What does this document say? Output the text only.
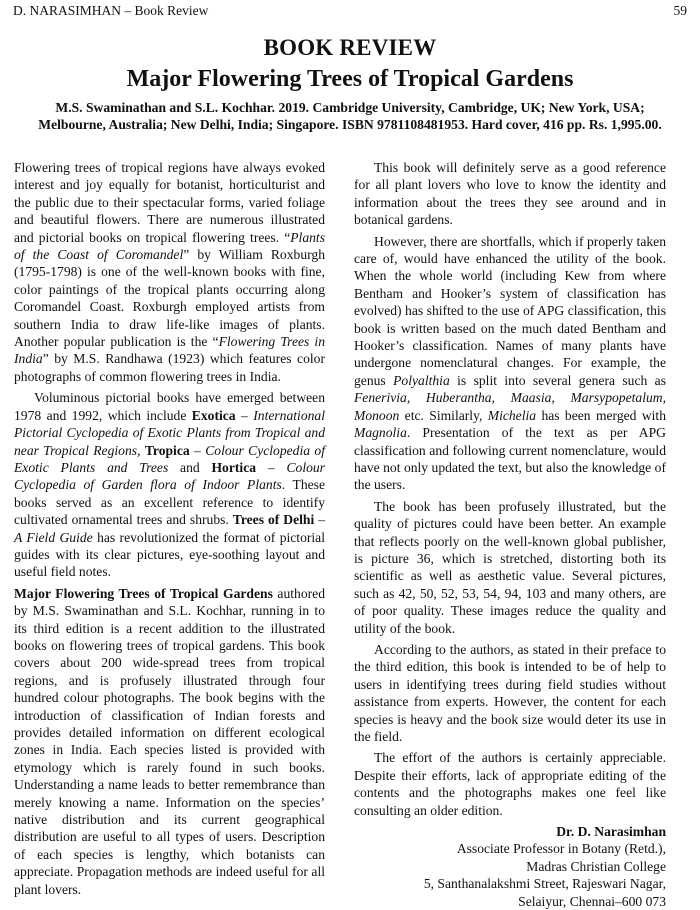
D. NARASIMHAN – Book Review	59
BOOK REVIEW
Major Flowering Trees of Tropical Gardens
M.S. Swaminathan and S.L. Kochhar. 2019. Cambridge University, Cambridge, UK; New York, USA; Melbourne, Australia; New Delhi, India; Singapore. ISBN 9781108481953. Hard cover, 416 pp. Rs. 1,995.00.

Flowering trees of tropical regions have always evoked interest and joy equally for botanist, horticulturist and the public due to their spectacular forms, varied foliage and beautiful flowers. There are numerous illustrated and pictorial books on tropical flowering trees. “Plants of the Coast of Coromandel” by William Roxburgh (1795-1798) is one of the well-known books with fine, color paintings of the tropical plants occurring along Coromandel Coast. Roxburgh employed artists from southern India to draw life-like images of plants. Another popular publication is the “Flowering Trees in India” by M.S. Randhawa (1923) which features color photographs of common flowering trees in India.

Voluminous pictorial books have emerged between 1978 and 1992, which include Exotica – International Pictorial Cyclopedia of Exotic Plants from Tropical and near Tropical Regions, Tropica – Colour Cyclopedia of Exotic Plants and Trees and Hortica – Colour Cyclopedia of Garden flora of Indoor Plants. These books served as an excellent reference to identify cultivated ornamental trees and shrubs. Trees of Delhi – A Field Guide has revolutionized the format of pictorial guides with its clear pictures, eye-soothing layout and useful field notes.

Major Flowering Trees of Tropical Gardens authored by M.S. Swaminathan and S.L. Kochhar, running in to its third edition is a recent addition to the illustrated books on flowering trees of tropical gardens. This book covers about 200 wide-spread trees from tropical regions, and is profusely illustrated through four hundred colour photographs. The book begins with the introduction of classification of Indian forests and provides detailed information on different ecological zones in India. Each species listed is provided with etymology which is rarely found in such books. Understanding a name leads to better remembrance than merely knowing a name. Information on the species’ native distribution and its current geographical distribution are useful to all types of users. Description of each species is lengthy, which botanists can appreciate. Propagation methods are indeed useful for all plant lovers.

This book will definitely serve as a good reference for all plant lovers who love to know the identity and information about the trees they see around and in botanical gardens.

However, there are shortfalls, which if properly taken care of, would have enhanced the utility of the book. When the whole world (including Kew from where Bentham and Hooker’s system of classification has evolved) has shifted to the use of APG classification, this book is written based on the much dated Bentham and Hooker’s classification. Names of many plants have undergone nomenclatural changes. For example, the genus Polyalthia is split into several genera such as Fenerivia, Huberantha, Maasia, Marsypopetalum, Monoon etc. Similarly, Michelia has been merged with Magnolia. Presentation of the text as per APG classification and following current nomenclature, would have not only updated the text, but also the knowledge of the users.

The book has been profusely illustrated, but the quality of pictures could have been better. An example that reflects poorly on the well-known global publisher, is picture 36, which is stretched, distorting both its scientific as well as aesthetic value. Several pictures, such as 42, 50, 52, 53, 54, 94, 103 and many others, are of poor quality. These images reduce the quality and utility of the book.

According to the authors, as stated in their preface to the third edition, this book is intended to be of help to users in identifying trees during field studies without assistance from experts. However, the content for each species is heavy and the book size would deter its use in the field.

The effort of the authors is certainly appreciable. Despite their efforts, lack of appropriate editing of the contents and the photographs makes one feel like consulting an older edition.

Dr. D. Narasimhan
Associate Professor in Botany (Retd.),
Madras Christian College
5, Santhanalakshmi Street, Rajeswari Nagar,
Selaiyur, Chennai–600 073
